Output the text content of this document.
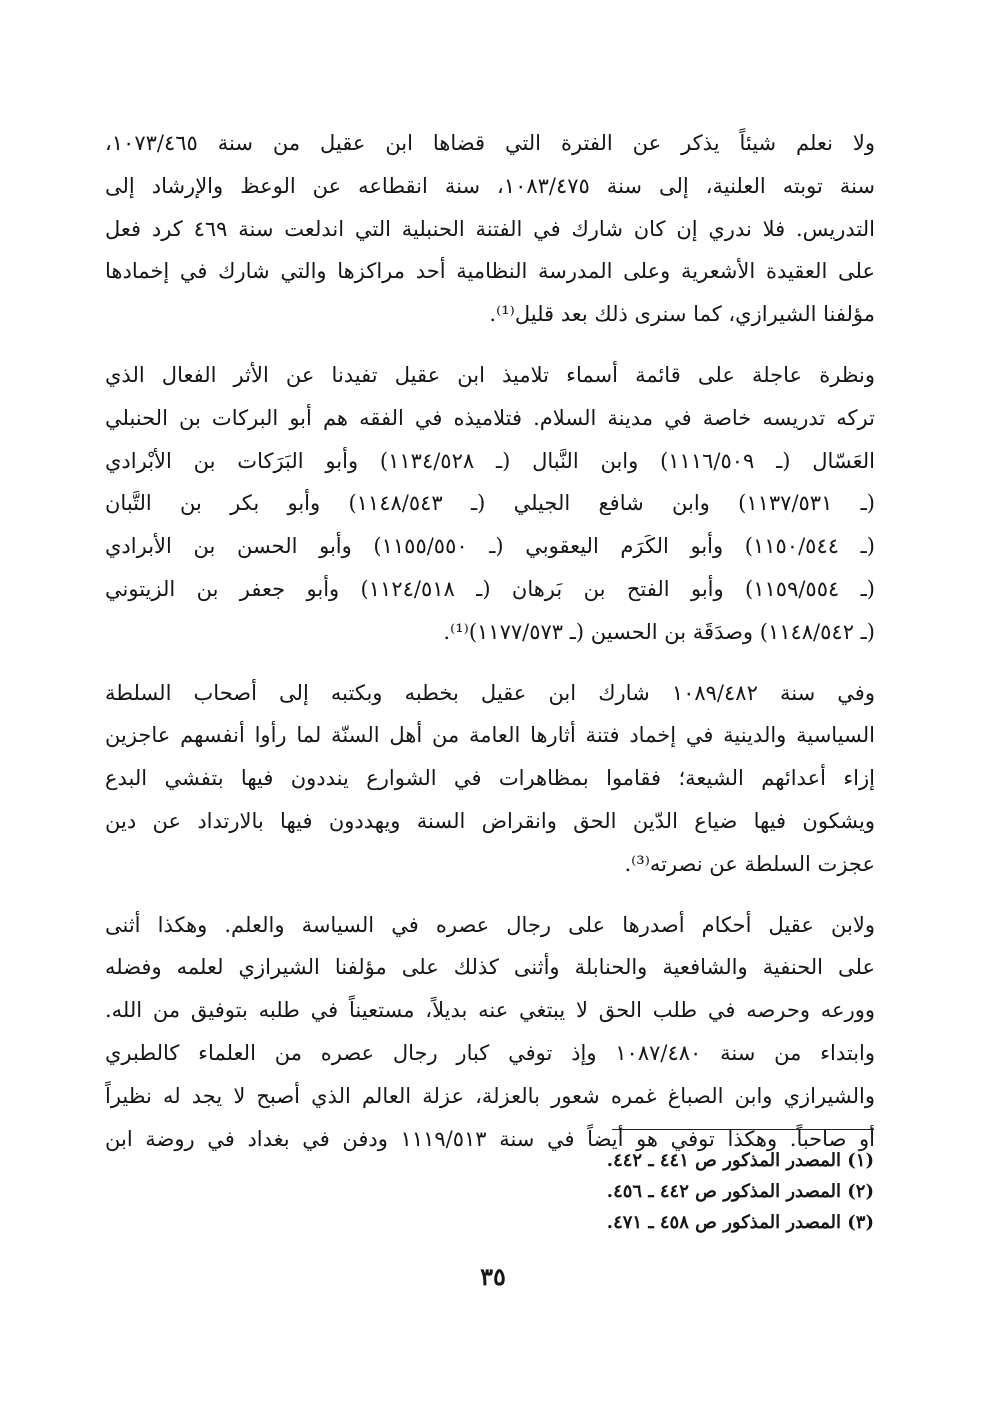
ولا نعلم شيئاً يذكر عن الفترة التي قضاها ابن عقيل من سنة ١٠٧٣/٤٦٥،
سنة توبته العلنية، إلى سنة ١٠٨٣/٤٧٥، سنة انقطاعه عن الوعظ والإرشاد إلى
التدريس. فلا ندري إن كان شارك في الفتنة الحنبلية التي اندلعت سنة ٤٦٩ كرد فعل
على العقيدة الأشعرية وعلى المدرسة النظامية أحد مراكزها والتي شارك في إخمادها
مؤلفنا الشيرازي، كما سنرى ذلك بعد قليل⁽¹⁾.
ونظرة عاجلة على قائمة أسماء تلاميذ ابن عقيل تفيدنا عن الأثر الفعال الذي
تركه تدريسه خاصة في مدينة السلام. فتلاميذه في الفقه هم أبو البركات بن الحنبلي
العَسّال (ـ ١١١٦/٥٠٩) وابن النَّبال (ـ ١١٣٤/٥٢٨) وأبو البَرَكات بن الأبْرادي
(ـ ١١٣٧/٥٣١) وابن شافع الجيلي (ـ ١١٤٨/٥٤٣) وأبو بكر بن التَّبان
(ـ ١١٥٠/٥٤٤) وأبو الكَرَم اليعقوبي (ـ ١١٥٥/٥٥٠) وأبو الحسن بن الأبرادي
(ـ ١١٥٩/٥٥٤) وأبو الفتح بن بَرهان (ـ ١١٢٤/٥١٨) وأبو جعفر بن الزيتوني
(ـ ١١٤٨/٥٤٢) وصدَقَة بن الحسين (ـ ١١٧٧/٥٧٣)⁽¹⁾.
وفي سنة ١٠٨٩/٤٨٢ شارك ابن عقيل بخطبه وبكتبه إلى أصحاب السلطة
السياسية والدينية في إخماد فتنة أثارها العامة من أهل السنّة لما رأوا أنفسهم عاجزين
إزاء أعدائهم الشيعة؛ فقاموا بمظاهرات في الشوارع ينددون فيها بتفشي البدع
ويشكون فيها ضياع الدّين الحق وانقراض السنة ويهددون فيها بالارتداد عن دين
عجزت السلطة عن نصرته⁽³⁾.
ولابن عقيل أحكام أصدرها على رجال عصره في السياسة والعلم. وهكذا أثنى
على الحنفية والشافعية والحنابلة وأثنى كذلك على مؤلفنا الشيرازي لعلمه وفضله
وورعه وحرصه في طلب الحق لا يبتغي عنه بديلاً، مستعيناً في طلبه بتوفيق من الله.
وابتداء من سنة ١٠٨٧/٤٨٠ وإذ توفي كبار رجال عصره من العلماء كالطبري
والشيرازي وابن الصباغ غمره شعور بالعزلة، عزلة العالم الذي أصبح لا يجد له نظيراً
أو صاحباً. وهكذا توفي هو أيضاً في سنة ١١١٩/٥١٣ ودفن في بغداد في روضة ابن
(١) المصدر المذكور ص ٤٤١ ـ ٤٤٢.
(٢) المصدر المذكور ص ٤٤٢ ـ ٤٥٦.
(٣) المصدر المذكور ص ٤٥٨ ـ ٤٧١.
٣٥
